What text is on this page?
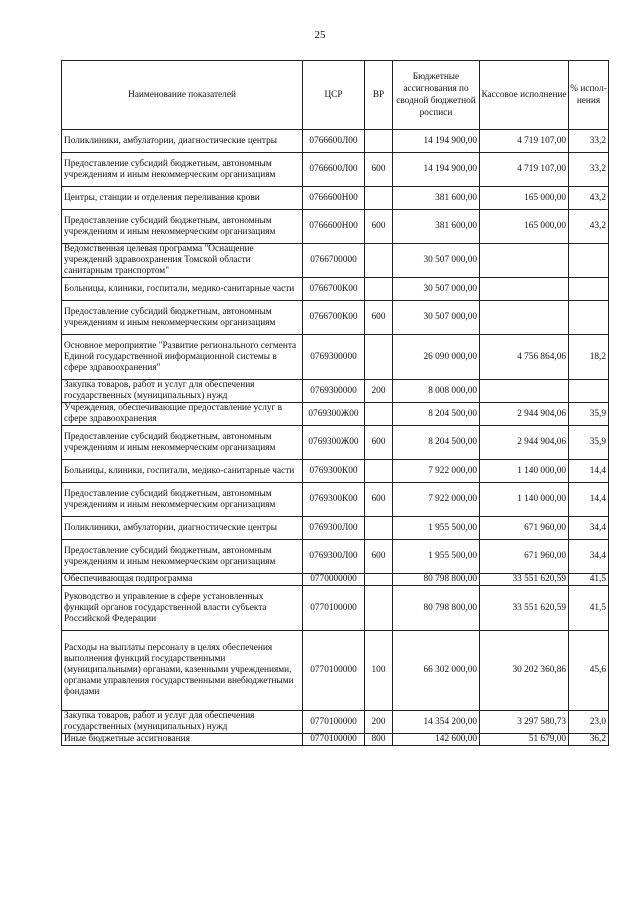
25
Наименование показателей	ЦСР	ВР	Бюджетные ассигнования по сводной бюджетной росписи	Кассовое исполнение	% испол-нения
Поликлиники, амбулатории, диагностические центры	0766600Л00		14 194 900,00	4 719 107,00	33,2
Предоставление субсидий бюджетным, автономным учреждениям и иным некоммерческим организациям	0766600Л00	600	14 194 900,00	4 719 107,00	33,2
Центры, станции и отделения переливания крови	0766600Н00		381 600,00	165 000,00	43,2
Предоставление субсидий бюджетным, автономным учреждениям и иным некоммерческим организациям	0766600Н00	600	381 600,00	165 000,00	43,2
Ведомственная целевая программа "Оснащение учреждений здравоохранения Томской области санитарным транспортом"	0766700000		30 507 000,00		
Больницы, клиники, госпитали, медико-санитарные части	0766700К00		30 507 000,00		
Предоставление субсидий бюджетным, автономным учреждениям и иным некоммерческим организациям	0766700К00	600	30 507 000,00		
Основное мероприятие "Развитие регионального сегмента Единой государственной информационной системы в сфере здравоохранения"	0769300000		26 090 000,00	4 756 864,06	18,2
Закупка товаров, работ и услуг для обеспечения государственных (муниципальных) нужд	0769300000	200	8 008 000,00		
Учреждения, обеспечивающие предоставление услуг в сфере здравоохранения	0769300Ж00		8 204 500,00	2 944 904,06	35,9
Предоставление субсидий бюджетным, автономным учреждениям и иным некоммерческим организациям	0769300Ж00	600	8 204 500,00	2 944 904,06	35,9
Больницы, клиники, госпитали, медико-санитарные части	0769300К00		7 922 000,00	1 140 000,00	14,4
Предоставление субсидий бюджетным, автономным учреждениям и иным некоммерческим организациям	0769300К00	600	7 922 000,00	1 140 000,00	14,4
Поликлиники, амбулатории, диагностические центры	0769300Л00		1 955 500,00	671 960,00	34,4
Предоставление субсидий бюджетным, автономным учреждениям и иным некоммерческим организациям	0769300Л00	600	1 955 500,00	671 960,00	34,4
Обеспечивающая подпрограмма	0770000000		80 798 800,00	33 551 620,59	41,5
Руководство и управление в сфере установленных функций органов государственной власти субъекта Российской Федерации	0770100000		80 798 800,00	33 551 620,59	41,5
Расходы на выплаты персоналу в целях обеспечения выполнения функций государственными (муниципальными) органами, казенными учреждениями, органами управления государственными внебюджетными фондами	0770100000	100	66 302 000,00	30 202 360,86	45,6
Закупка товаров, работ и услуг для обеспечения государственных (муниципальных) нужд	0770100000	200	14 354 200,00	3 297 580,73	23,0
Иные бюджетные ассигнования	0770100000	800	142 600,00	51 679,00	36,2
